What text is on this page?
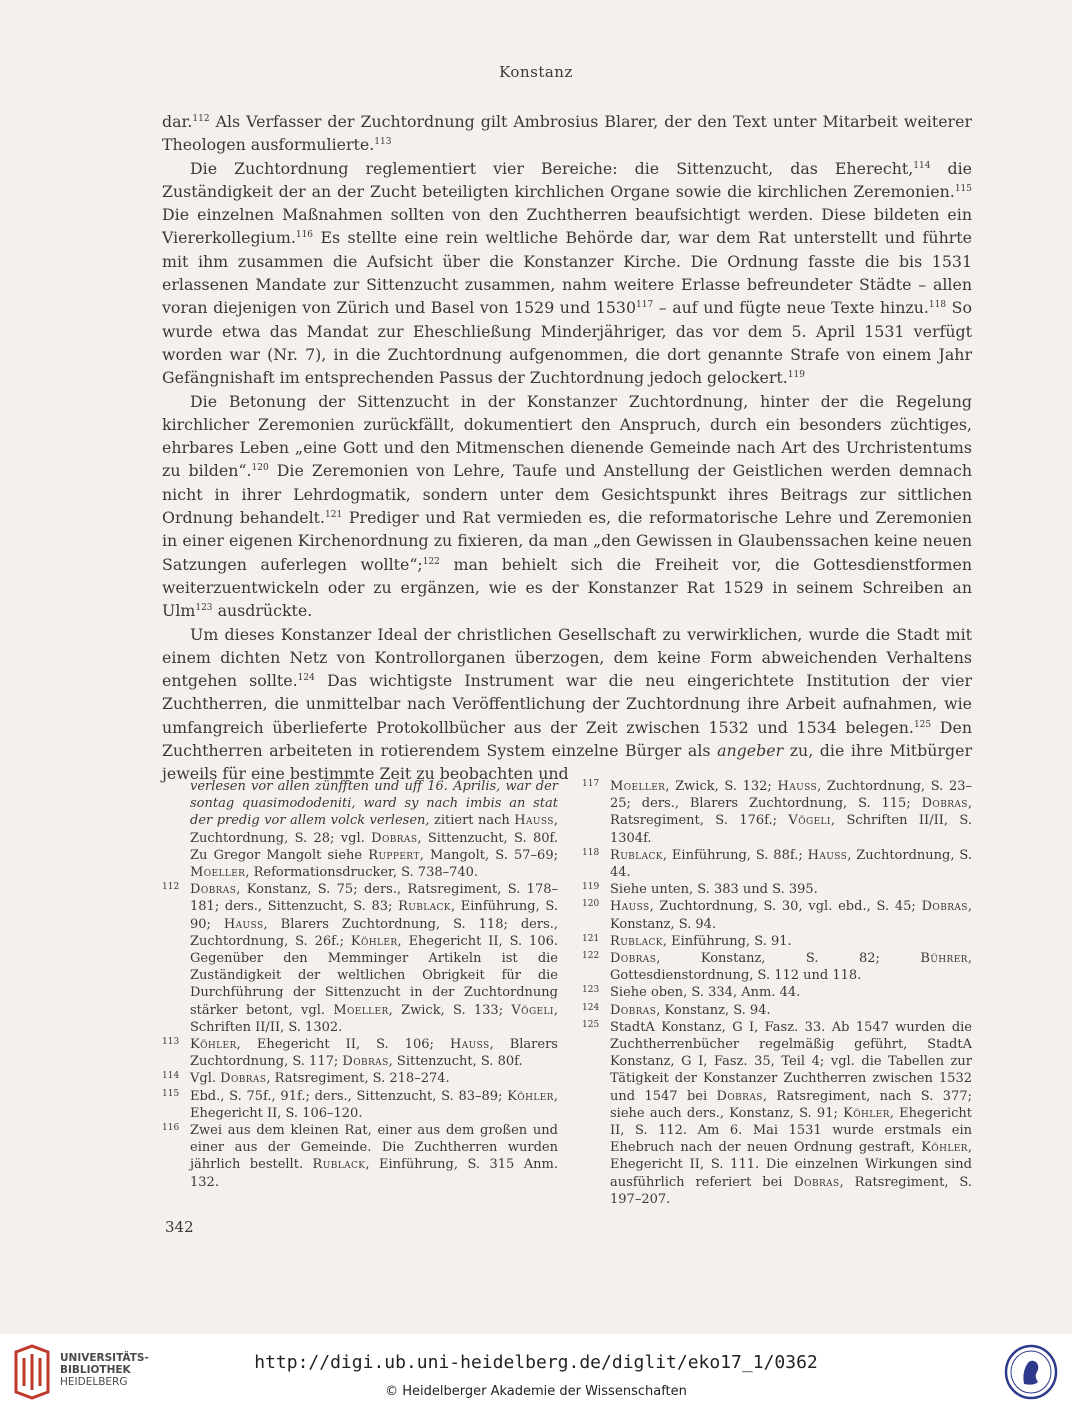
Konstanz

dar.$^{112}$ Als Verfasser der Zuchtordnung gilt Ambrosius Blarer, der den Text unter Mitarbeit weiterer Theologen ausformulierte.$^{113}$

Die Zuchtordnung reglementiert vier Bereiche: die Sittenzucht, das Eherecht,$^{114}$ die Zuständigkeit der an der Zucht beteiligten kirchlichen Organe sowie die kirchlichen Zeremonien.$^{115}$ Die einzelnen Maßnahmen sollten von den Zuchtherren beaufsichtigt werden. Diese bildeten ein Viererkollegium.$^{116}$ Es stellte eine rein weltliche Behörde dar, war dem Rat unterstellt und führte mit ihm zusammen die Aufsicht über die Konstanzer Kirche. Die Ordnung fasste die bis 1531 erlassenen Mandate zur Sittenzucht zusammen, nahm weitere Erlasse befreundeter Städte – allen voran diejenigen von Zürich und Basel von 1529 und 1530$^{117}$ – auf und fügte neue Texte hinzu.$^{118}$ So wurde etwa das Mandat zur Eheschließung Minderjähriger, das vor dem 5. April 1531 verfügt worden war (Nr. 7), in die Zuchtordnung aufgenommen, die dort genannte Strafe von einem Jahr Gefängnishaft im entsprechenden Passus der Zuchtordnung jedoch gelockert.$^{119}$

Die Betonung der Sittenzucht in der Konstanzer Zuchtordnung, hinter der die Regelung kirchlicher Zeremonien zurückfällt, dokumentiert den Anspruch, durch ein besonders züchtiges, ehrbares Leben „eine Gott und den Mitmenschen dienende Gemeinde nach Art des Urchristentums zu bilden“.$^{120}$ Die Zeremonien von Lehre, Taufe und Anstellung der Geistlichen werden demnach nicht in ihrer Lehrdogmatik, sondern unter dem Gesichtspunkt ihres Beitrags zur sittlichen Ordnung behandelt.$^{121}$ Prediger und Rat vermieden es, die reformatorische Lehre und Zeremonien in einer eigenen Kirchenordnung zu fixieren, da man „den Gewissen in Glaubenssachen keine neuen Satzungen auferlegen wollte“;$^{122}$ man behielt sich die Freiheit vor, die Gottesdienstformen weiterzuentwickeln oder zu ergänzen, wie es der Konstanzer Rat 1529 in seinem Schreiben an Ulm$^{123}$ ausdrückte.

Um dieses Konstanzer Ideal der christlichen Gesellschaft zu verwirklichen, wurde die Stadt mit einem dichten Netz von Kontrollorganen überzogen, dem keine Form abweichenden Verhaltens entgehen sollte.$^{124}$ Das wichtigste Instrument war die neu eingerichtete Institution der vier Zuchtherren, die unmittelbar nach Veröffentlichung der Zuchtordnung ihre Arbeit aufnahmen, wie umfangreich überlieferte Protokollbücher aus der Zeit zwischen 1532 und 1534 belegen.$^{125}$ Den Zuchtherren arbeiteten in rotierendem System einzelne Bürger als angeber zu, die ihre Mitbürger jeweils für eine bestimmte Zeit zu beobachten und

verlesen vor allen zünfften und uff 16. Aprilis, war der sontag quasimododeniti, ward sy nach imbis an stat der predig vor allem volck verlesen, zitiert nach Hauss, Zuchtordnung, S. 28; vgl. Dobras, Sittenzucht, S. 80f. Zu Gregor Mangolt siehe Ruppert, Mangolt, S. 57–69; Moeller, Reformationsdrucker, S. 738–740.
112 Dobras, Konstanz, S. 75; ders., Ratsregiment, S. 178–181; ders., Sittenzucht, S. 83; Rublack, Einführung, S. 90; Hauss, Blarers Zuchtordnung, S. 118; ders., Zuchtordnung, S. 26f.; Köhler, Ehegericht II, S. 106. Gegenüber den Memminger Artikeln ist die Zuständigkeit der weltlichen Obrigkeit für die Durchführung der Sittenzucht in der Zuchtordnung stärker betont, vgl. Moeller, Zwick, S. 133; Vögeli, Schriften II/II, S. 1302.
113 Köhler, Ehegericht II, S. 106; Hauss, Blarers Zuchtordnung, S. 117; Dobras, Sittenzucht, S. 80f.
114 Vgl. Dobras, Ratsregiment, S. 218–274.
115 Ebd., S. 75f., 91f.; ders., Sittenzucht, S. 83–89; Köhler, Ehegericht II, S. 106–120.
116 Zwei aus dem kleinen Rat, einer aus dem großen und einer aus der Gemeinde. Die Zuchtherren wurden jährlich bestellt. Rublack, Einführung, S. 315 Anm. 132.
117 Moeller, Zwick, S. 132; Hauss, Zuchtordnung, S. 23–25; ders., Blarers Zuchtordnung, S. 115; Dobras, Ratsregiment, S. 176f.; Vögeli, Schriften II/II, S. 1304f.
118 Rublack, Einführung, S. 88f.; Hauss, Zuchtordnung, S. 44.
119 Siehe unten, S. 383 und S. 395.
120 Hauss, Zuchtordnung, S. 30, vgl. ebd., S. 45; Dobras, Konstanz, S. 94.
121 Rublack, Einführung, S. 91.
122 Dobras, Konstanz, S. 82; Bührer, Gottesdienstordnung, S. 112 und 118.
123 Siehe oben, S. 334, Anm. 44.
124 Dobras, Konstanz, S. 94.
125 StadtA Konstanz, G I, Fasz. 33. Ab 1547 wurden die Zuchtherrenbücher regelmäßig geführt, StadtA Konstanz, G I, Fasz. 35, Teil 4; vgl. die Tabellen zur Tätigkeit der Konstanzer Zuchtherren zwischen 1532 und 1547 bei Dobras, Ratsregiment, nach S. 377; siehe auch ders., Konstanz, S. 91; Köhler, Ehegericht II, S. 112. Am 6. Mai 1531 wurde erstmals ein Ehebruch nach der neuen Ordnung gestraft, Köhler, Ehegericht II, S. 111. Die einzelnen Wirkungen sind ausführlich referiert bei Dobras, Ratsregiment, S. 197–207.
342
UNIVERSITÄTS-
BIBLIOTHEK
HEIDELBERG
http://digi.ub.uni-heidelberg.de/diglit/eko17_1/0362
© Heidelberger Akademie der Wissenschaften
